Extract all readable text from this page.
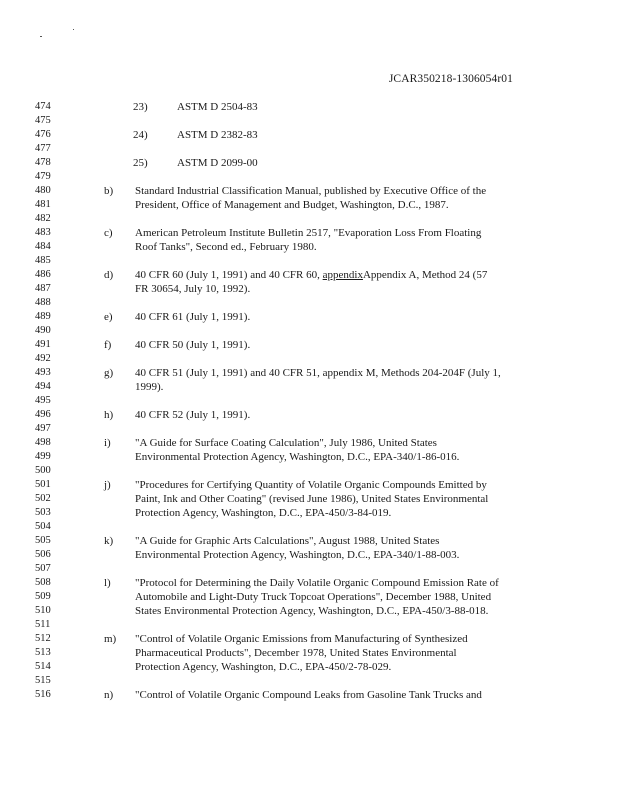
JCAR350218-1306054r01
474
475
476
477
478
479
480
481
482
483
484
485
486
487
488
489
490
491
492
493
494
495
496
497
498
499
500
501
502
503
504
505
506
507
508
509
510
511
512
513
514
515
516
23)	ASTM D 2504-83
24)	ASTM D 2382-83
25)	ASTM D 2099-00
b) Standard Industrial Classification Manual, published by Executive Office of the
President, Office of Management and Budget, Washington, D.C., 1987.
c) American Petroleum Institute Bulletin 2517, "Evaporation Loss From Floating
Roof Tanks", Second ed., February 1980.
d) 40 CFR 60 (July 1, 1991) and 40 CFR 60, appendixAppendix A, Method 24 (57
FR 30654, July 10, 1992).
e) 40 CFR 61 (July 1, 1991).
f) 40 CFR 50 (July 1, 1991).
g) 40 CFR 51 (July 1, 1991) and 40 CFR 51, appendix M, Methods 204-204F (July 1,
1999).
h) 40 CFR 52 (July 1, 1991).
i) "A Guide for Surface Coating Calculation", July 1986, United States
Environmental Protection Agency, Washington, D.C., EPA-340/1-86-016.
j) "Procedures for Certifying Quantity of Volatile Organic Compounds Emitted by
Paint, Ink and Other Coating" (revised June 1986), United States Environmental
Protection Agency, Washington, D.C., EPA-450/3-84-019.
k) "A Guide for Graphic Arts Calculations", August 1988, United States
Environmental Protection Agency, Washington, D.C., EPA-340/1-88-003.
l) "Protocol for Determining the Daily Volatile Organic Compound Emission Rate of
Automobile and Light-Duty Truck Topcoat Operations", December 1988, United
States Environmental Protection Agency, Washington, D.C., EPA-450/3-88-018.
m) "Control of Volatile Organic Emissions from Manufacturing of Synthesized
Pharmaceutical Products", December 1978, United States Environmental
Protection Agency, Washington, D.C., EPA-450/2-78-029.
n) "Control of Volatile Organic Compound Leaks from Gasoline Tank Trucks and
